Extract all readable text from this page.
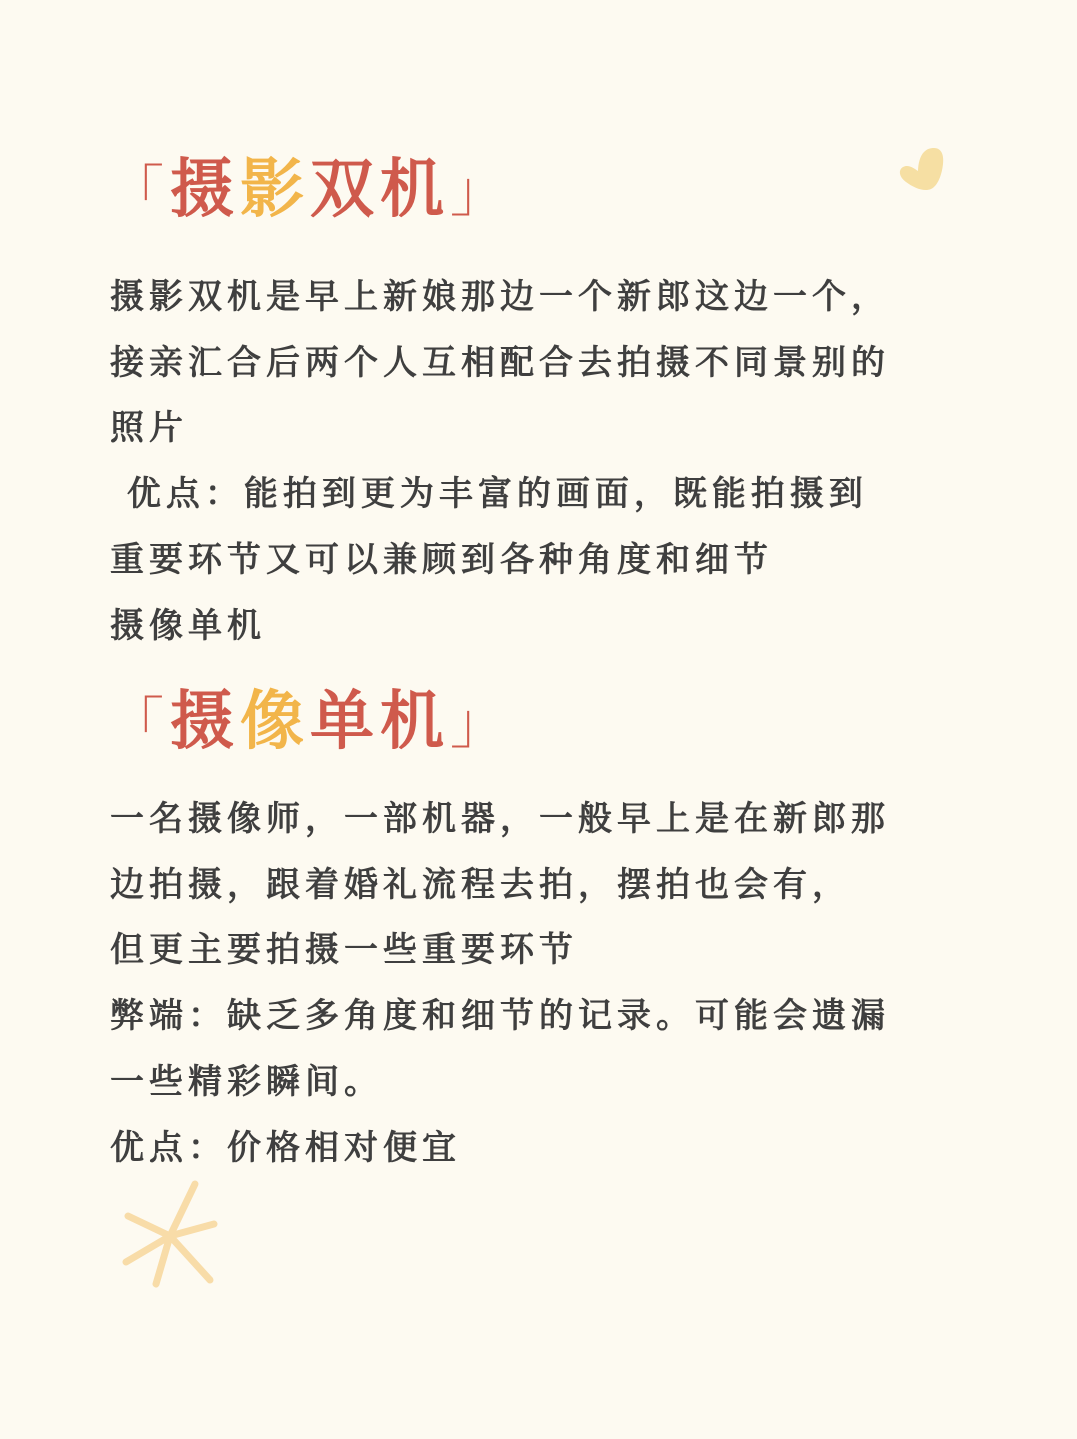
「摄影双机」
摄影双机是早上新娘那边一个新郎这边一个，
接亲汇合后两个人互相配合去拍摄不同景别的
照片
优点：能拍到更为丰富的画面，既能拍摄到
重要环节又可以兼顾到各种角度和细节
摄像单机
「摄像单机」
一名摄像师，一部机器，一般早上是在新郎那
边拍摄，跟着婚礼流程去拍，摆拍也会有，
但更主要拍摄一些重要环节
弊端：缺乏多角度和细节的记录。可能会遗漏
一些精彩瞬间。
优点：价格相对便宜
